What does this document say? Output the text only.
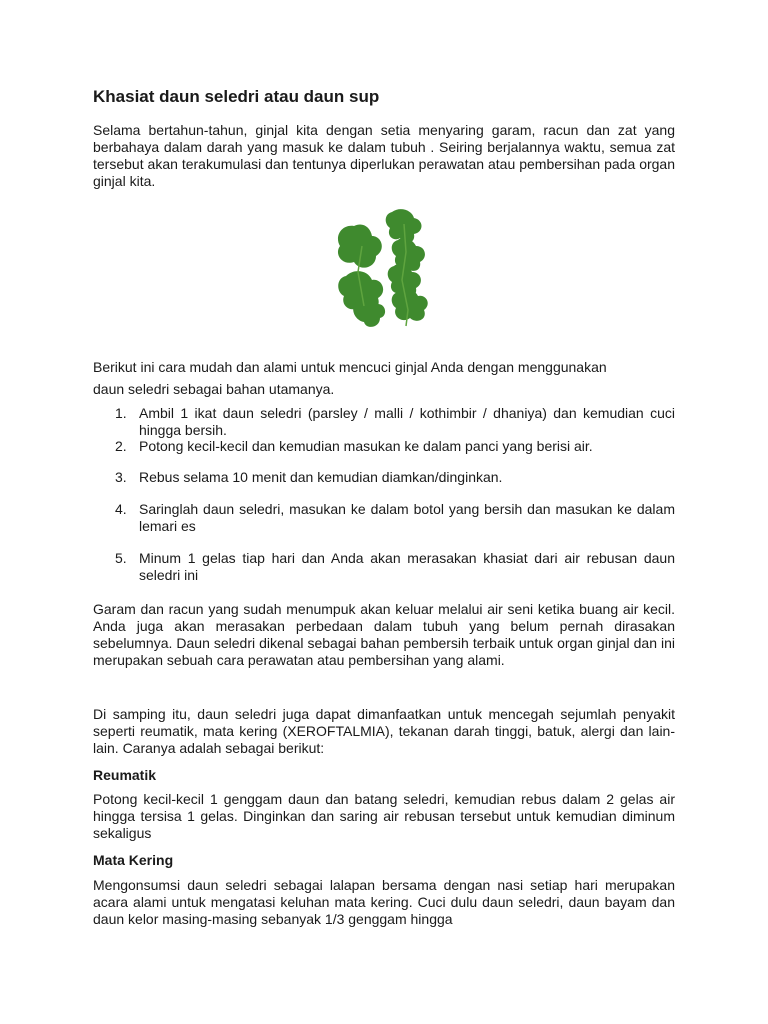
Khasiat daun seledri atau daun sup
Selama bertahun-tahun, ginjal kita dengan setia menyaring garam, racun dan zat yang berbahaya dalam darah yang masuk ke dalam tubuh . Seiring berjalannya waktu, semua zat tersebut akan terakumulasi dan tentunya diperlukan perawatan atau pembersihan pada organ ginjal kita.
Berikut ini cara mudah dan alami untuk mencuci ginjal Anda dengan menggunakan
daun seledri sebagai bahan utamanya.
1. Ambil 1 ikat daun seledri (parsley / malli / kothimbir / dhaniya) dan kemudian cuci hingga bersih.
2. Potong kecil-kecil dan kemudian masukan ke dalam panci yang berisi air.
3. Rebus selama 10 menit dan kemudian diamkan/dinginkan.
4. Saringlah daun seledri, masukan ke dalam botol yang bersih dan masukan ke dalam lemari es
5. Minum 1 gelas tiap hari dan Anda akan merasakan khasiat dari air rebusan daun seledri ini
Garam dan racun yang sudah menumpuk akan keluar melalui air seni ketika buang air kecil. Anda juga akan merasakan perbedaan dalam tubuh yang belum pernah dirasakan sebelumnya. Daun seledri dikenal sebagai bahan pembersih terbaik untuk organ ginjal dan ini merupakan sebuah cara perawatan atau pembersihan yang alami.
Di samping itu, daun seledri juga dapat dimanfaatkan untuk mencegah sejumlah penyakit seperti reumatik, mata kering (XEROFTALMIA), tekanan darah tinggi, batuk, alergi dan lain-lain. Caranya adalah sebagai berikut:
Reumatik
Potong kecil-kecil 1 genggam daun dan batang seledri, kemudian rebus dalam 2 gelas air hingga tersisa 1 gelas. Dinginkan dan saring air rebusan tersebut untuk kemudian diminum sekaligus
Mata Kering
Mengonsumsi daun seledri sebagai lalapan bersama dengan nasi setiap hari merupakan acara alami untuk mengatasi keluhan mata kering. Cuci dulu daun seledri, daun bayam dan daun kelor masing-masing sebanyak 1/3 genggam hingga
